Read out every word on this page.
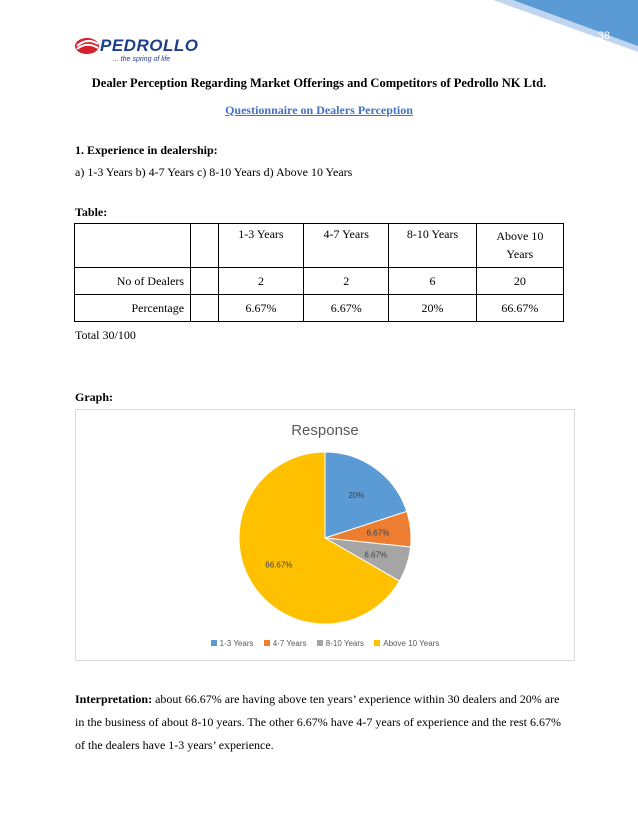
38
PEDROLLO
... the spring of life
Dealer Perception Regarding Market Offerings and Competitors of Pedrollo NK Ltd.
Questionnaire on Dealers Perception
1. Experience in dealership:
a) 1-3 Years b) 4-7 Years c) 8-10 Years d) Above 10 Years
Table:
		1-3 Years	4-7 Years	8-10 Years	Above 10
Years
No of Dealers		2	2	6	20
Percentage		6.67%	6.67%	20%	66.67%
Total 30/100
Graph:
Response
20%
6.67%
6.67%
66.67%
1-3 Years 4-7 Years 8-10 Years Above 10 Years
Interpretation: about 66.67% are having above ten years’ experience within 30 dealers and 20% are in the business of about 8-10 years. The other 6.67% have 4-7 years of experience and the rest 6.67% of the dealers have 1-3 years’ experience.
